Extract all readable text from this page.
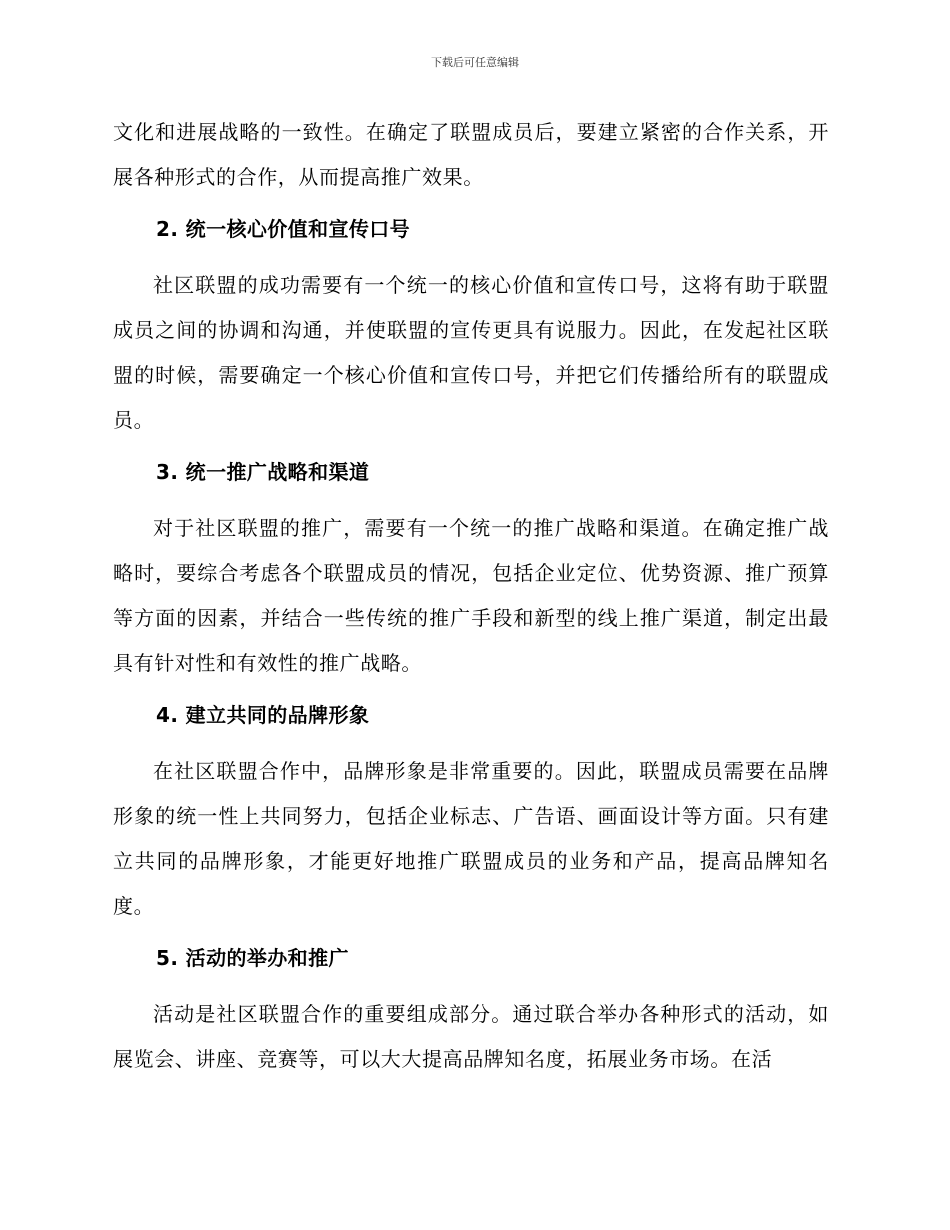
下载后可任意编辑

文化和进展战略的一致性。在确定了联盟成员后，要建立紧密的合作关系，开展各种形式的合作，从而提高推广效果。

2. 统一核心价值和宣传口号

社区联盟的成功需要有一个统一的核心价值和宣传口号，这将有助于联盟成员之间的协调和沟通，并使联盟的宣传更具有说服力。因此，在发起社区联盟的时候，需要确定一个核心价值和宣传口号，并把它们传播给所有的联盟成员。

3. 统一推广战略和渠道

对于社区联盟的推广，需要有一个统一的推广战略和渠道。在确定推广战略时，要综合考虑各个联盟成员的情况，包括企业定位、优势资源、推广预算等方面的因素，并结合一些传统的推广手段和新型的线上推广渠道，制定出最具有针对性和有效性的推广战略。

4. 建立共同的品牌形象

在社区联盟合作中，品牌形象是非常重要的。因此，联盟成员需要在品牌形象的统一性上共同努力，包括企业标志、广告语、画面设计等方面。只有建立共同的品牌形象，才能更好地推广联盟成员的业务和产品，提高品牌知名度。

5. 活动的举办和推广

活动是社区联盟合作的重要组成部分。通过联合举办各种形式的活动，如展览会、讲座、竞赛等，可以大大提高品牌知名度，拓展业务市场。在活
